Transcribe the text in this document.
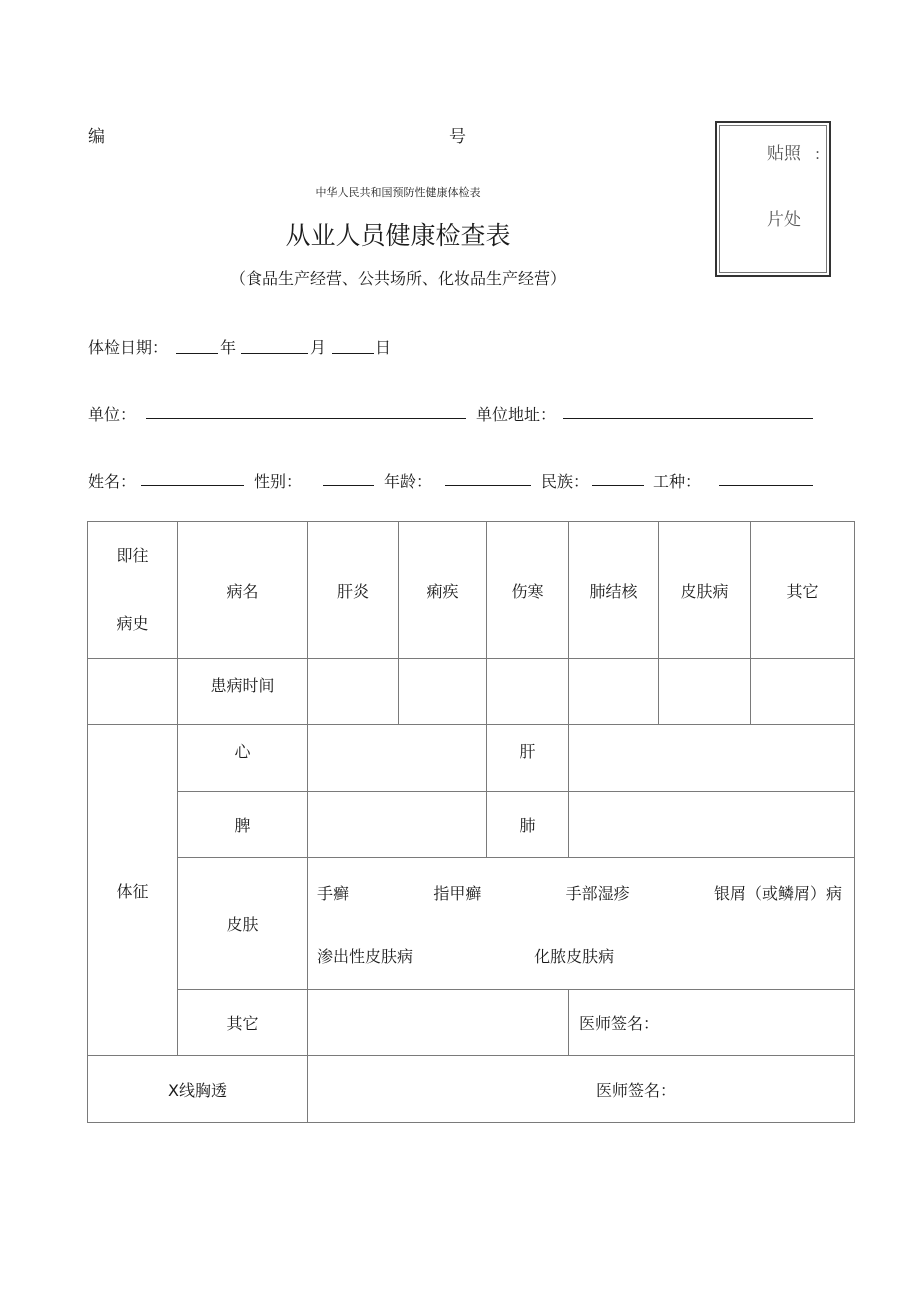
编	号
贴照 :
片处
中华人民共和国预防性健康体检表
从业人员健康检查表
（食品生产经营、公共场所、化妆品生产经营）
体检日期：	年	月	日
单位：	单位地址：
姓名：	性别：	年龄：	民族：	工种：
即往
病史	病名	肝炎	痢疾	伤寒	肺结核	皮肤病	其它
	患病时间						
体征	心			肝			
	脾			肺			
	皮肤	手癣 指甲癣 手部湿疹 银屑（或鳞屑）病
渗出性皮肤病 化脓皮肤病					

	其它				医师签名：		
X线胸透		医师签名：					
